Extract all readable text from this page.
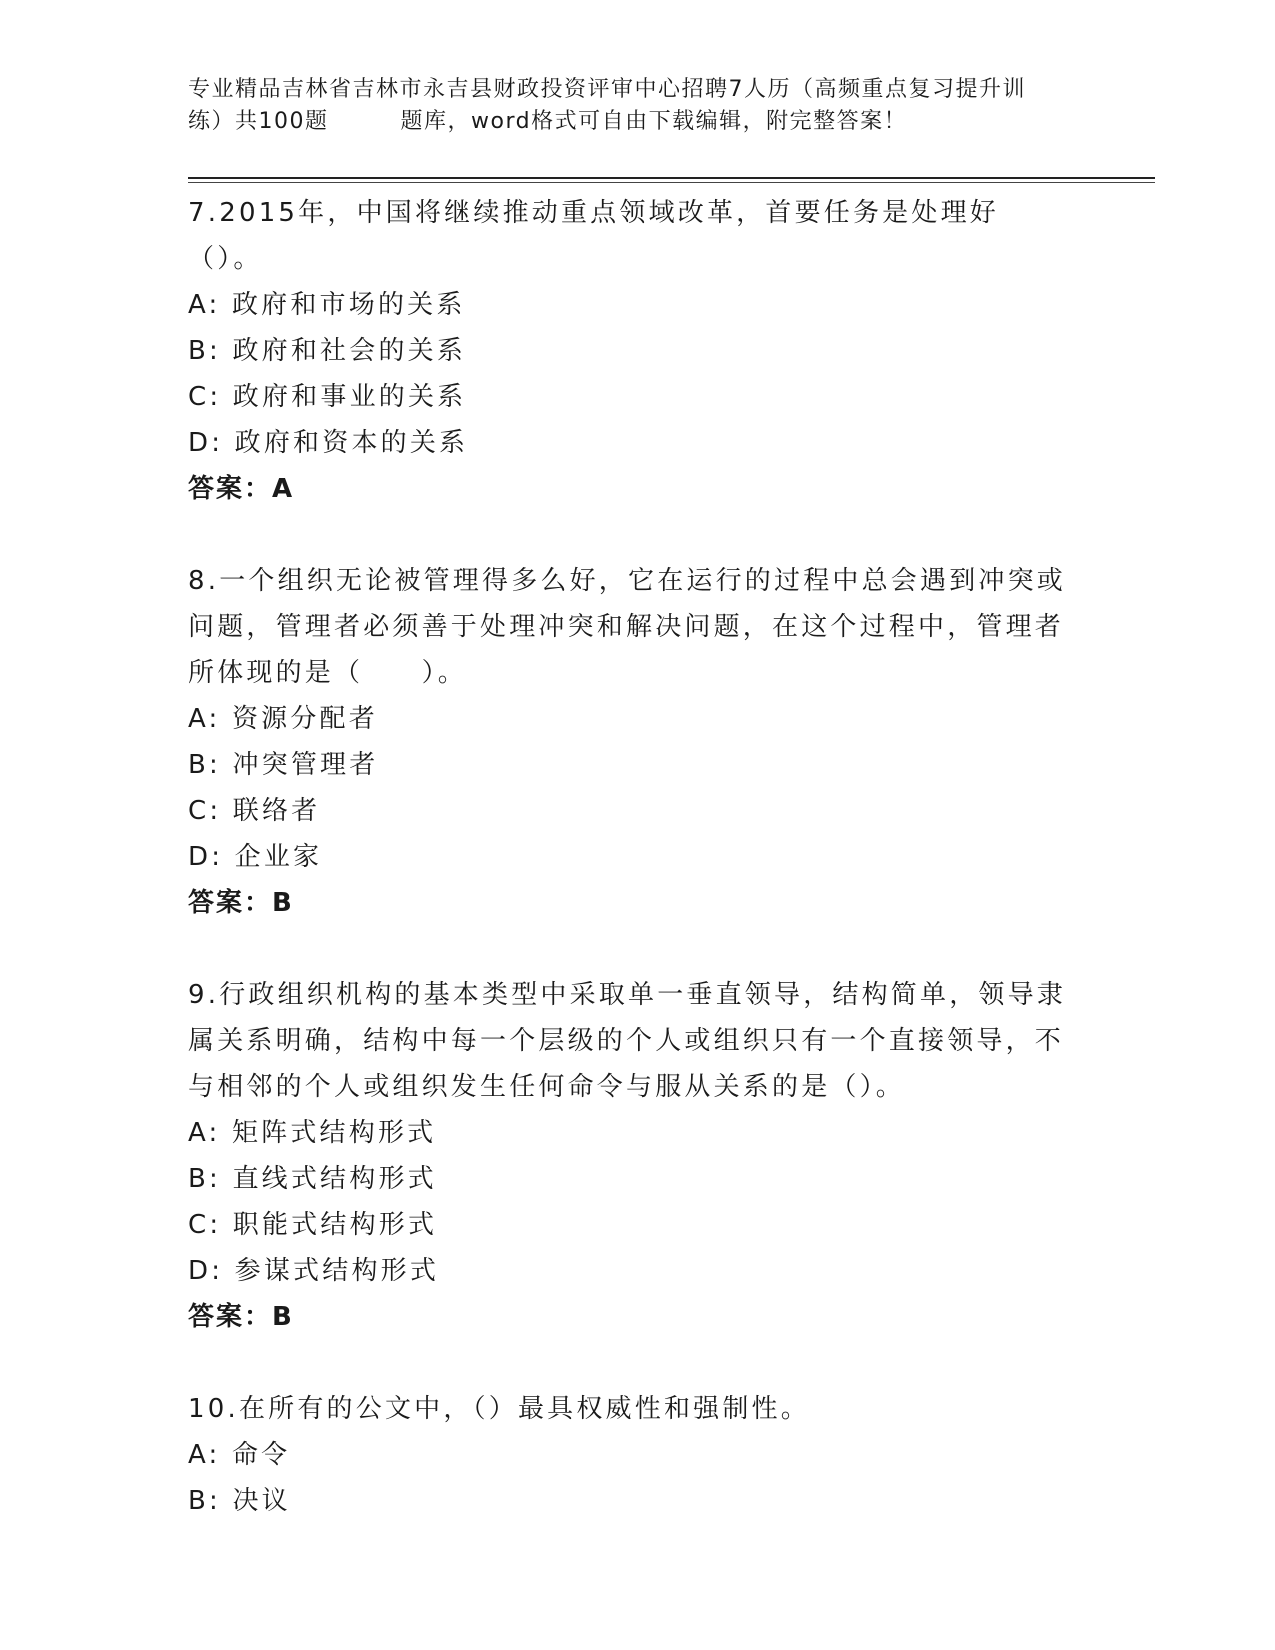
专业精品吉林省吉林市永吉县财政投资评审中心招聘7人历（高频重点复习提升训
练）共100题	题库，word格式可自由下载编辑，附完整答案！

7.2015年，中国将继续推动重点领域改革，首要任务是处理好（）。

A: 政府和市场的关系

B: 政府和社会的关系

C: 政府和事业的关系

D: 政府和资本的关系

答案：A

8.一个组织无论被管理得多么好，它在运行的过程中总会遇到冲突或

问题，管理者必须善于处理冲突和解决问题，在这个过程中，管理者

所体现的是（　　）。

A: 资源分配者

B: 冲突管理者

C: 联络者

D: 企业家

答案：B

9.行政组织机构的基本类型中采取单一垂直领导，结构简单，领导隶

属关系明确，结构中每一个层级的个人或组织只有一个直接领导，不

与相邻的个人或组织发生任何命令与服从关系的是（）。

A: 矩阵式结构形式

B: 直线式结构形式

C: 职能式结构形式

D: 参谋式结构形式

答案：B

10.在所有的公文中，（）最具权威性和强制性。

A: 命令

B: 决议
